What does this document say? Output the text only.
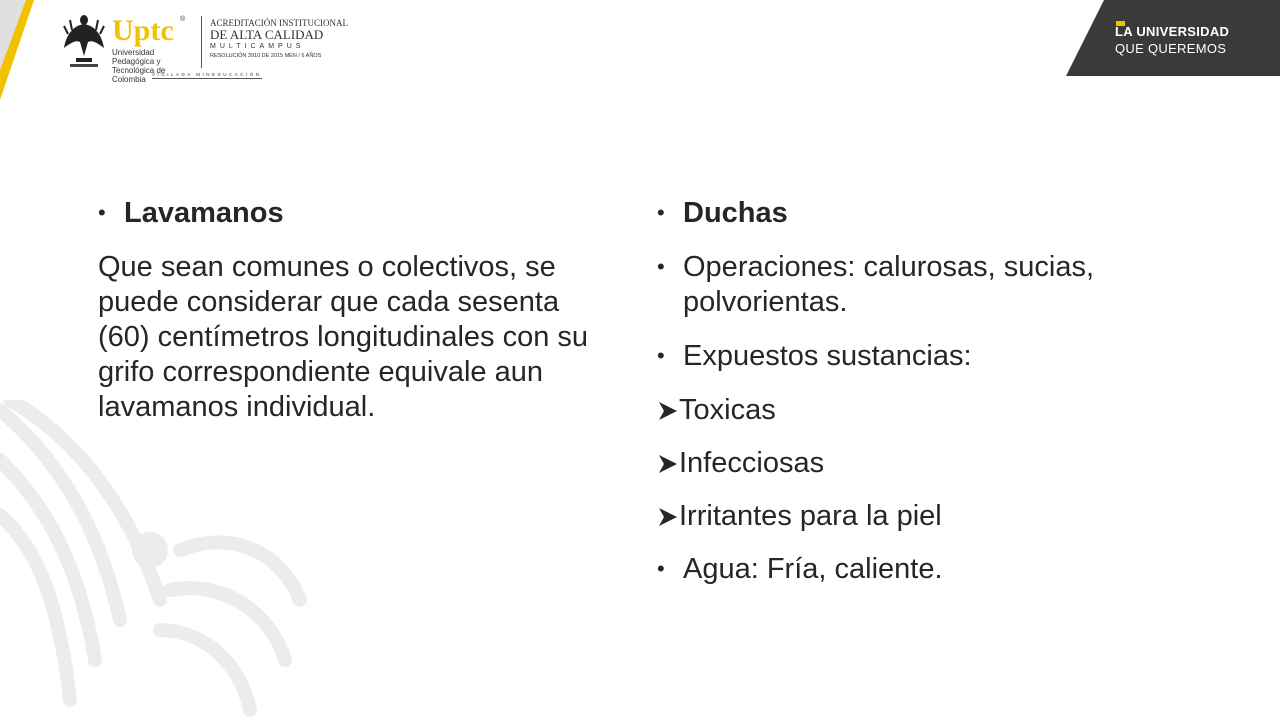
Uptc ®
Universidad Pedagógica y
Tecnológica de Colombia
ACREDITACIÓN INSTITUCIONAL
DE ALTA CALIDAD
MULTICAMPUS
RESOLUCIÓN 3910 DE 2015 MEN / 6 AÑOS
VIGILADA MINEDUCACIÓN
LA UNIVERSIDAD
QUE QUEREMOS
• Lavamanos

Que sean comunes o colectivos, se puede considerar que cada sesenta (60) centímetros longitudinales con su grifo correspondiente equivale aun lavamanos individual.

• Duchas
• Operaciones: calurosas, sucias, polvorientas.
• Expuestos sustancias:
Toxicas
Infecciosas
Irritantes para la piel
• Agua: Fría, caliente.
